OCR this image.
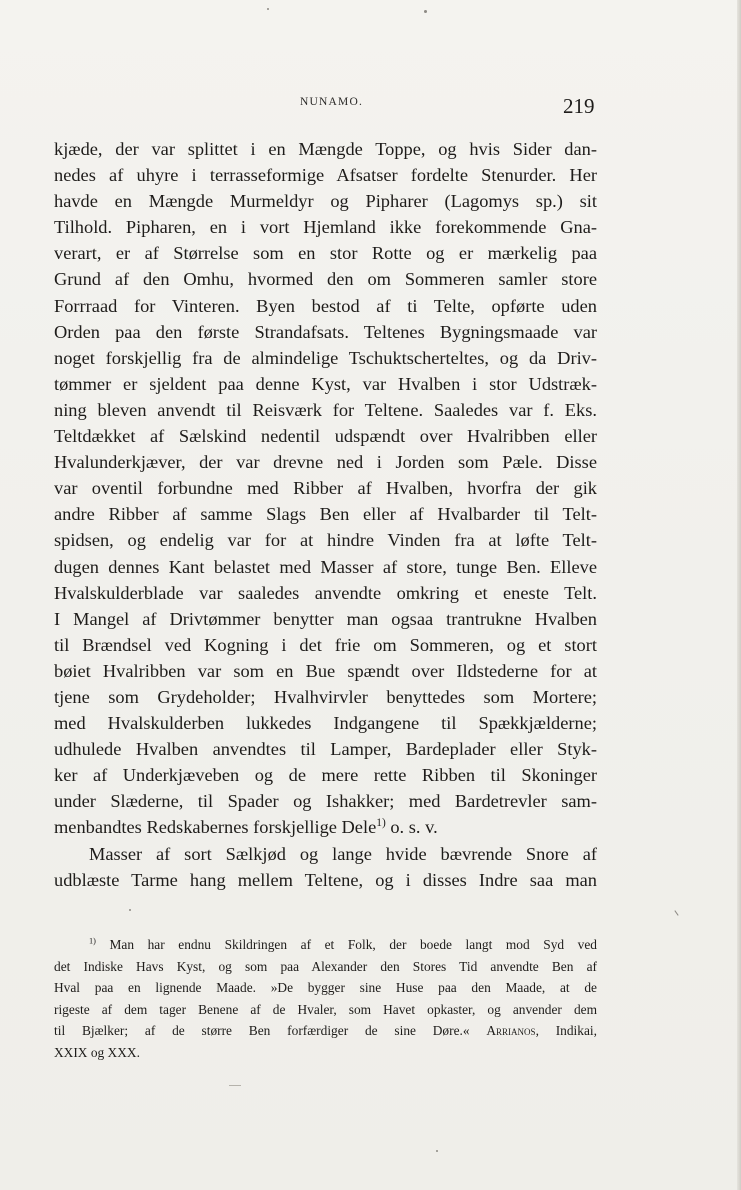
NUNAMO.	219
kjæde, der var splittet i en Mængde Toppe, og hvis Sider dan-
nedes af uhyre i terrasseformige Afsatser fordelte Stenurder. Her
havde en Mængde Murmeldyr og Pipharer (Lagomys sp.) sit
Tilhold. Pipharen, en i vort Hjemland ikke forekommende Gna-
verart, er af Størrelse som en stor Rotte og er mærkelig paa
Grund af den Omhu, hvormed den om Sommeren samler store
Forrraad for Vinteren. Byen bestod af ti Telte, opførte uden
Orden paa den første Strandafsats. Teltenes Bygningsmaade var
noget forskjellig fra de almindelige Tschuktscherteltes, og da Driv-
tømmer er sjeldent paa denne Kyst, var Hvalben i stor Udstræk-
ning bleven anvendt til Reisværk for Teltene. Saaledes var f. Eks.
Teltdækket af Sælskind nedentil udspændt over Hvalribben eller
Hvalunderkjæver, der var drevne ned i Jorden som Pæle. Disse
var oventil forbundne med Ribber af Hvalben, hvorfra der gik
andre Ribber af samme Slags Ben eller af Hvalbarder til Telt-
spidsen, og endelig var for at hindre Vinden fra at løfte Telt-
dugen dennes Kant belastet med Masser af store, tunge Ben. Elleve
Hvalskulderblade var saaledes anvendte omkring et eneste Telt.
I Mangel af Drivtømmer benytter man ogsaa trantrukne Hvalben
til Brændsel ved Kogning i det frie om Sommeren, og et stort
bøiet Hvalribben var som en Bue spændt over Ildstederne for at
tjene som Grydeholder; Hvalhvirvler benyttedes som Mortere;
med Hvalskulderben lukkedes Indgangene til Spækkjælderne;
udhulede Hvalben anvendtes til Lamper, Bardeplader eller Styk-
ker af Underkjæveben og de mere rette Ribben til Skoninger
under Slæderne, til Spader og Ishakker; med Bardetrevler sam-
menbandtes Redskabernes forskjellige Dele$^{1)}$ o. s. v.
Masser af sort Sælkjød og lange hvide bævrende Snore af
udblæste Tarme hang mellem Teltene, og i disses Indre saa man
$^{1)}$ Man har endnu Skildringen af et Folk, der boede langt mod Syd ved
det Indiske Havs Kyst, og som paa Alexander den Stores Tid anvendte Ben af
Hval paa en lignende Maade. »De bygger sine Huse paa den Maade, at de
rigeste af dem tager Benene af de Hvaler, som Havet opkaster, og anvender dem
til Bjælker; af de større Ben forfærdiger de sine Døre.« Arrianos, Indikai,
XXIX og XXX.
